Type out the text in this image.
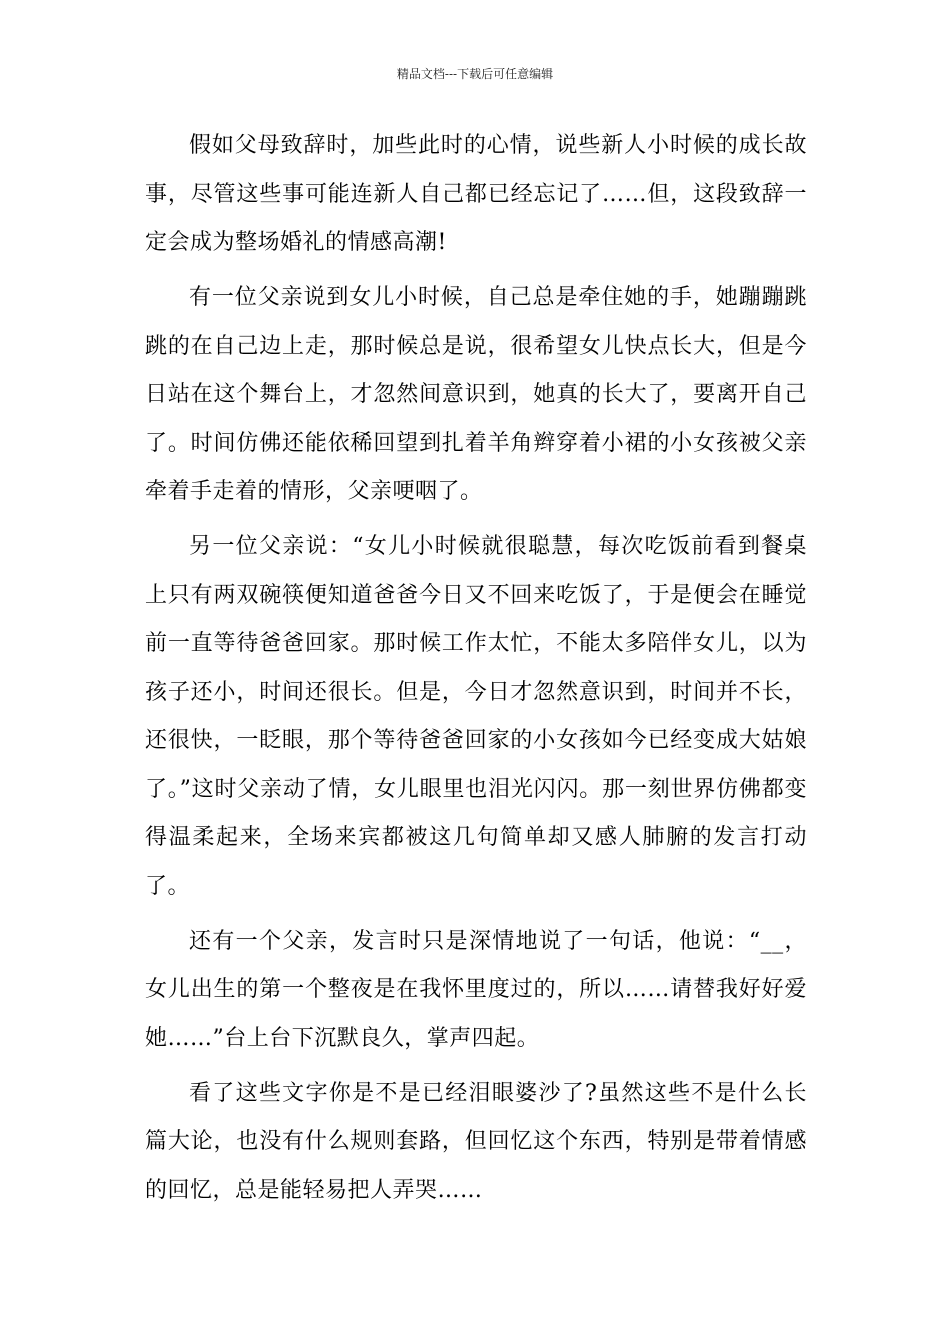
精品文档---下载后可任意编辑

假如父母致辞时，加些此时的心情，说些新人小时候的成长故事，尽管这些事可能连新人自己都已经忘记了……但，这段致辞一定会成为整场婚礼的情感高潮!

有一位父亲说到女儿小时候，自己总是牵住她的手，她蹦蹦跳跳的在自己边上走，那时候总是说，很希望女儿快点长大，但是今日站在这个舞台上，才忽然间意识到，她真的长大了，要离开自己了。时间仿佛还能依稀回望到扎着羊角辫穿着小裙的小女孩被父亲牵着手走着的情形，父亲哽咽了。

另一位父亲说：“女儿小时候就很聪慧，每次吃饭前看到餐桌上只有两双碗筷便知道爸爸今日又不回来吃饭了，于是便会在睡觉前一直等待爸爸回家。那时候工作太忙，不能太多陪伴女儿，以为孩子还小，时间还很长。但是，今日才忽然意识到，时间并不长，还很快，一眨眼，那个等待爸爸回家的小女孩如今已经变成大姑娘了。”这时父亲动了情，女儿眼里也泪光闪闪。那一刻世界仿佛都变得温柔起来，全场来宾都被这几句简单却又感人肺腑的发言打动了。

还有一个父亲，发言时只是深情地说了一句话，他说：“__，女儿出生的第一个整夜是在我怀里度过的，所以……请替我好好爱她……”台上台下沉默良久，掌声四起。

看了这些文字你是不是已经泪眼婆沙了?虽然这些不是什么长篇大论，也没有什么规则套路，但回忆这个东西，特别是带着情感的回忆，总是能轻易把人弄哭……
